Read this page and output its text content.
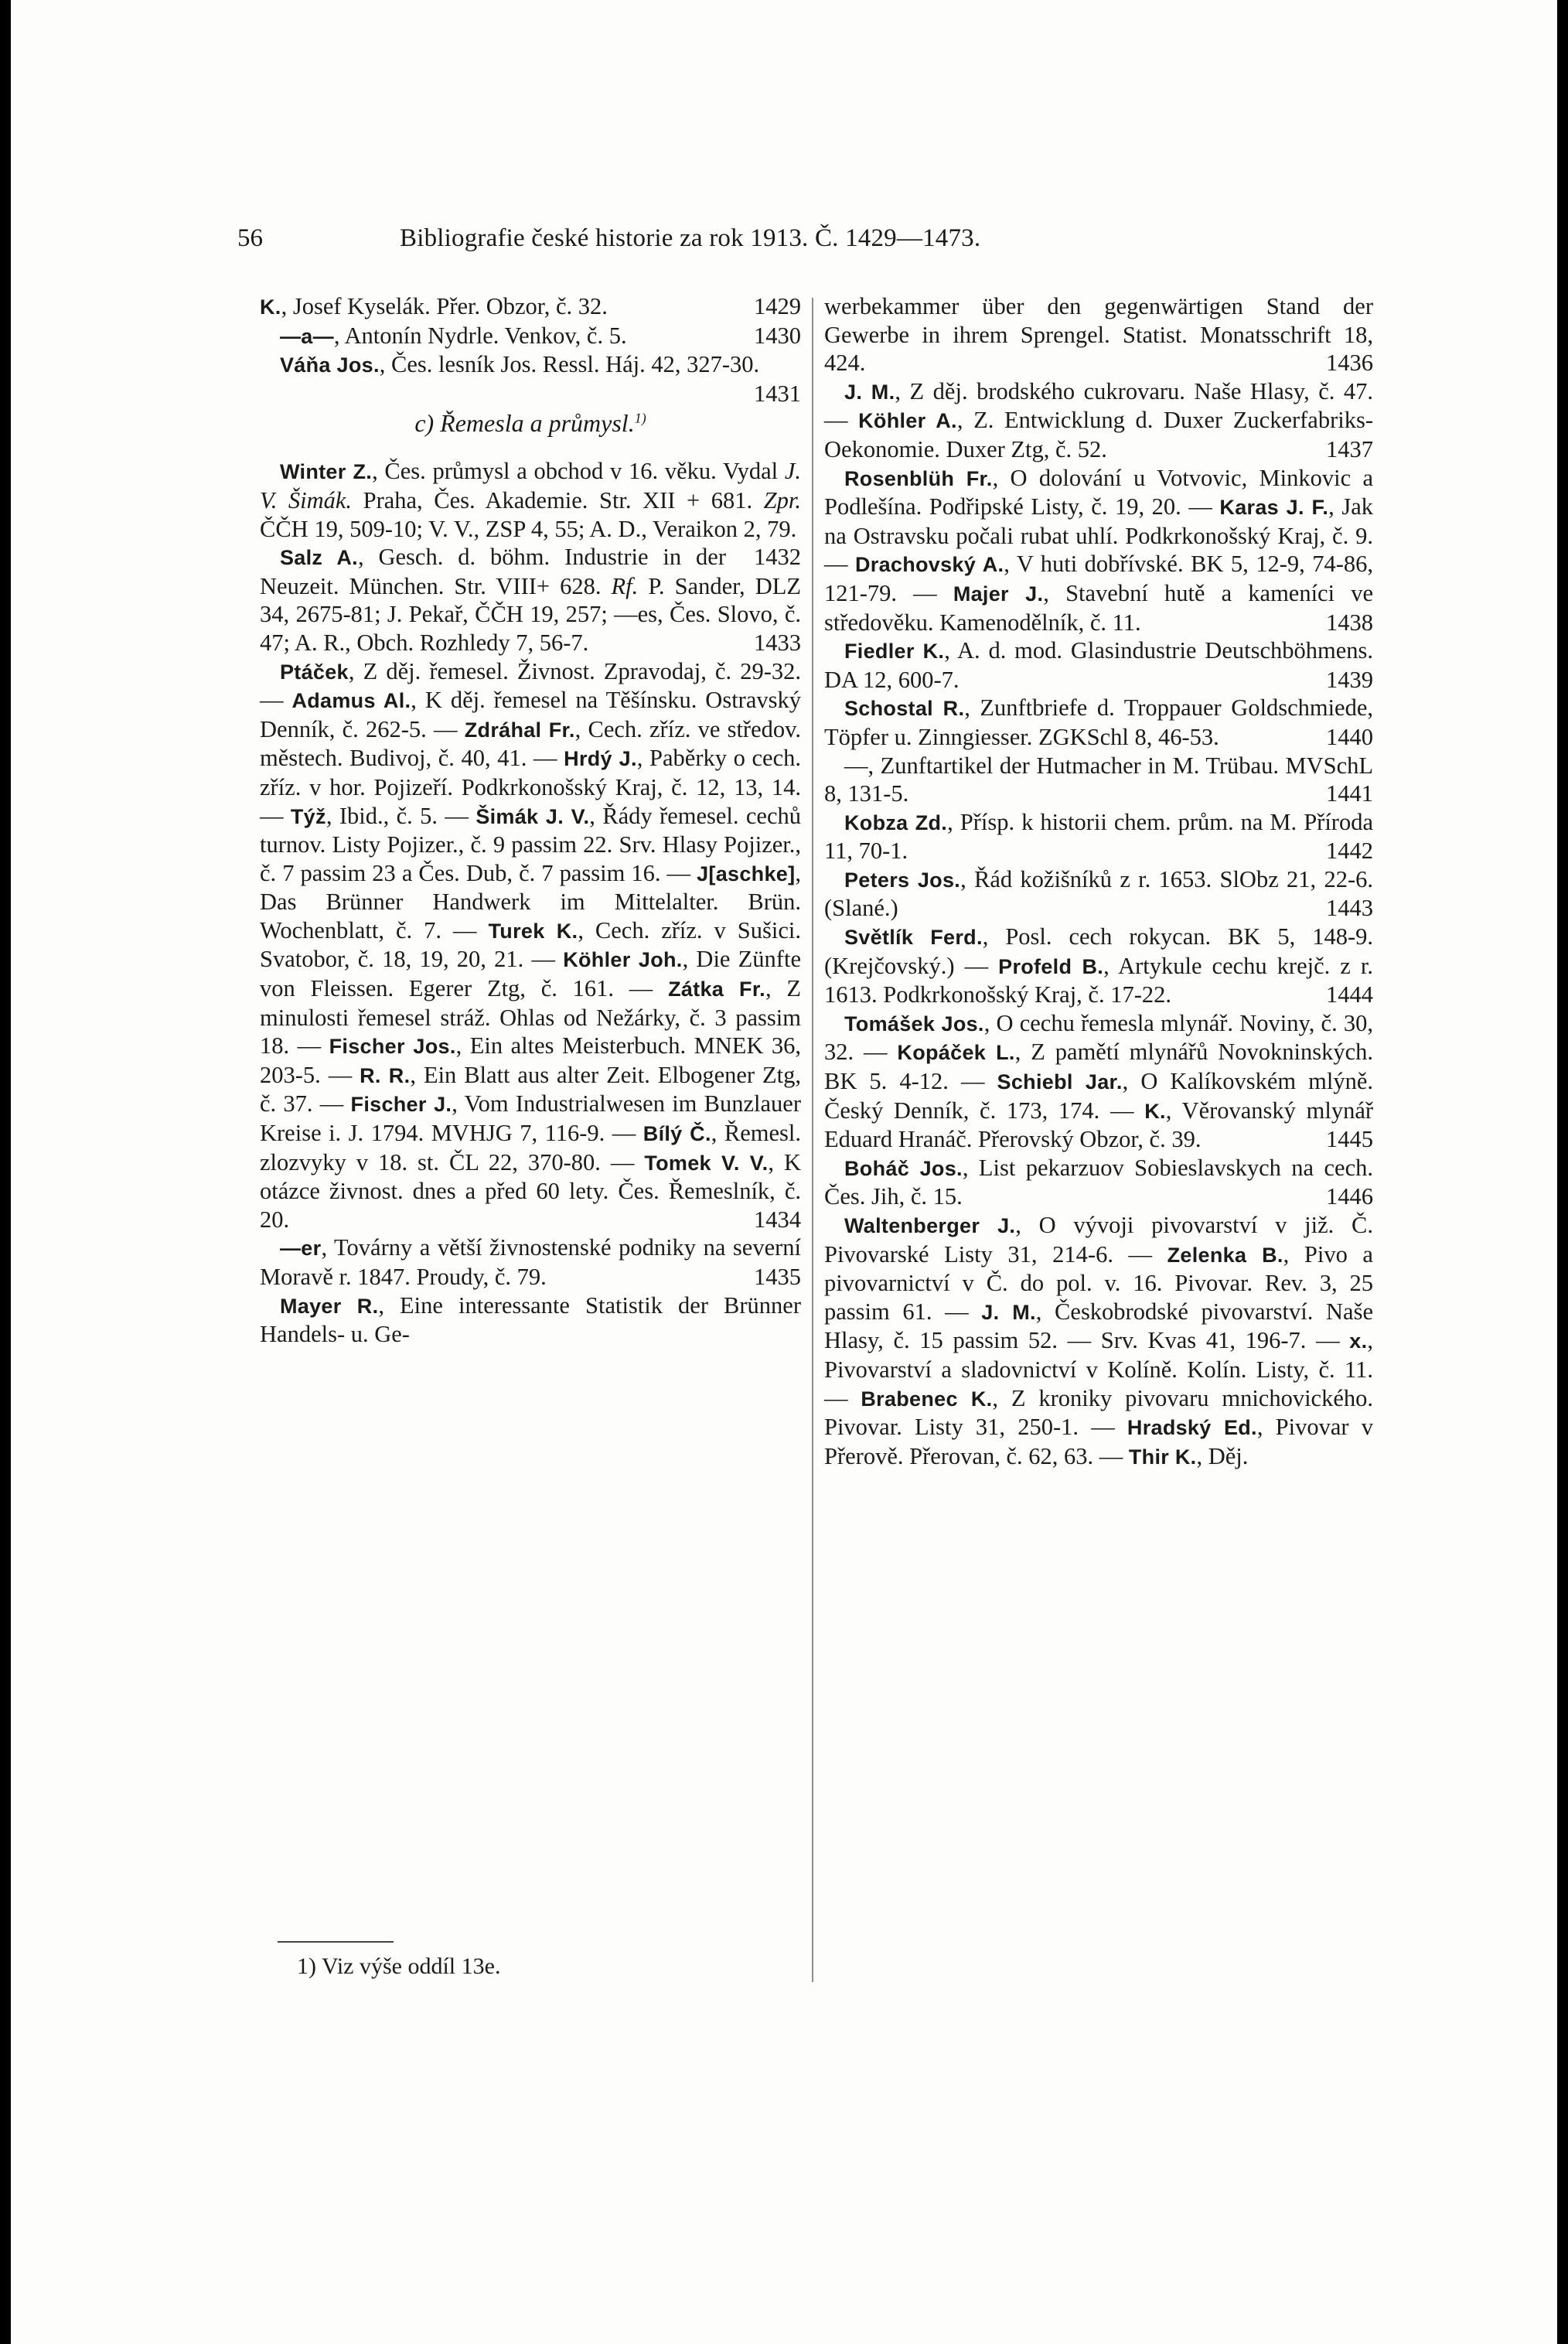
56	Bibliografie české historie za rok 1913. Č. 1429—1473.

K., Josef Kyselák. Přer. Obzor, č. 32.	1429

—a—, Antonín Nydrle. Venkov, č. 5.	1430

Váňa Jos., Čes. lesník Jos. Ressl. Háj. 42, 327-30.
1431

c) Řemesla a průmysl.$^{1)}$

Winter Z., Čes. průmysl a obchod v 16. věku. Vydal J. V. Šimák. Praha, Čes. Akademie. Str. XII + 681. Zpr. ČČH 19, 509-10; V. V., ZSP 4, 55; A. D., Veraikon 2, 79.
1432

Salz A., Gesch. d. böhm. Industrie in der Neuzeit. München. Str. VIII+ 628. Rf. P. Sander, DLZ 34, 2675-81; J. Pekař, ČČH 19, 257; —es, Čes. Slovo, č. 47; A. R., Obch. Rozhledy 7, 56-7.	1433

Ptáček, Z děj. řemesel. Živnost. Zpravodaj, č. 29-32. — Adamus Al., K děj. řemesel na Těšínsku. Ostravský Denník, č. 262-5. — Zdráhal Fr., Cech. zříz. ve středov. městech. Budivoj, č. 40, 41. — Hrdý J., Paběrky o cech. zříz. v hor. Pojizeří. Podkrkonošský Kraj, č. 12, 13, 14. — Týž, Ibid., č. 5. — Šimák J. V., Řády řemesel. cechů turnov. Listy Pojizer., č. 9 passim 22. Srv. Hlasy Pojizer., č. 7 passim 23 a Čes. Dub, č. 7 passim 16. — J[aschke], Das Brünner Handwerk im Mittelalter. Brün. Wochenblatt, č. 7. — Turek K., Cech. zříz. v Sušici. Svatobor, č. 18, 19, 20, 21. — Köhler Joh., Die Zünfte von Fleissen. Egerer Ztg, č. 161. — Zátka Fr., Z minulosti řemesel stráž. Ohlas od Nežárky, č. 3 passim 18. — Fischer Jos., Ein altes Meisterbuch. MNEK 36, 203-5. — R. R., Ein Blatt aus alter Zeit. Elbogener Ztg, č. 37. — Fischer J., Vom Industrialwesen im Bunzlauer Kreise i. J. 1794. MVHJG 7, 116-9. — Bílý Č., Řemesl. zlozvyky v 18. st. ČL 22, 370-80. — Tomek V. V., K otázce živnost. dnes a před 60 lety. Čes. Řemeslník, č. 20.	1434

—er, Továrny a větší živnostenské podniky na severní Moravě r. 1847. Proudy, č. 79.	1435

Mayer R., Eine interessante Statistik der Brünner Handels- u. Ge-

werbekammer über den gegenwärtigen Stand der Gewerbe in ihrem Sprengel. Statist. Monatsschrift 18, 424.	1436

J. M., Z děj. brodského cukrovaru. Naše Hlasy, č. 47. — Köhler A., Z. Entwicklung d. Duxer Zuckerfabriks-Oekonomie. Duxer Ztg, č. 52.	1437

Rosenblüh Fr., O dolování u Votvovic, Minkovic a Podlešína. Podřipské Listy, č. 19, 20. — Karas J. F., Jak na Ostravsku počali rubat uhlí. Podkrkonošský Kraj, č. 9. — Drachovský A., V huti dobřívské. BK 5, 12-9, 74-86, 121-79. — Majer J., Stavební hutě a kameníci ve středověku. Kamenodělník, č. 11.	1438

Fiedler K., A. d. mod. Glasindustrie Deutschböhmens. DA 12, 600-7.	1439

Schostal R., Zunftbriefe d. Troppauer Goldschmiede, Töpfer u. Zinngiesser. ZGKSchl 8, 46-53.	1440

—, Zunftartikel der Hutmacher in M. Trübau. MVSchL 8, 131-5.	1441

Kobza Zd., Přísp. k historii chem. prům. na M. Příroda 11, 70-1.	1442

Peters Jos., Řád kožišníků z r. 1653. SlObz 21, 22-6. (Slané.)	1443

Světlík Ferd., Posl. cech rokycan. BK 5, 148-9. (Krejčovský.) — Profeld B., Artykule cechu krejč. z r. 1613. Podkrkonošský Kraj, č. 17-22.	1444

Tomášek Jos., O cechu řemesla mlynář. Noviny, č. 30, 32. — Kopáček L., Z pamětí mlynářů Novokninských. BK 5. 4-12. — Schiebl Jar., O Kalíkovském mlýně. Český Denník, č. 173, 174. — K., Věrovanský mlynář Eduard Hranáč. Přerovský Obzor, č. 39.	1445

Boháč Jos., List pekarzuov Sobieslavskych na cech. Čes. Jih, č. 15.	1446

Waltenberger J., O vývoji pivovarství v již. Č. Pivovarské Listy 31, 214-6. — Zelenka B., Pivo a pivovarnictví v Č. do pol. v. 16. Pivovar. Rev. 3, 25 passim 61. — J. M., Českobrodské pivovarství. Naše Hlasy, č. 15 passim 52. — Srv. Kvas 41, 196-7. — x., Pivovarství a sladovnictví v Kolíně. Kolín. Listy, č. 11. — Brabenec K., Z kroniky pivovaru mnichovického. Pivovar. Listy 31, 250-1. — Hradský Ed., Pivovar v Přerově. Přerovan, č. 62, 63. — Thir K., Děj.

1) Viz výše oddíl 13e.
